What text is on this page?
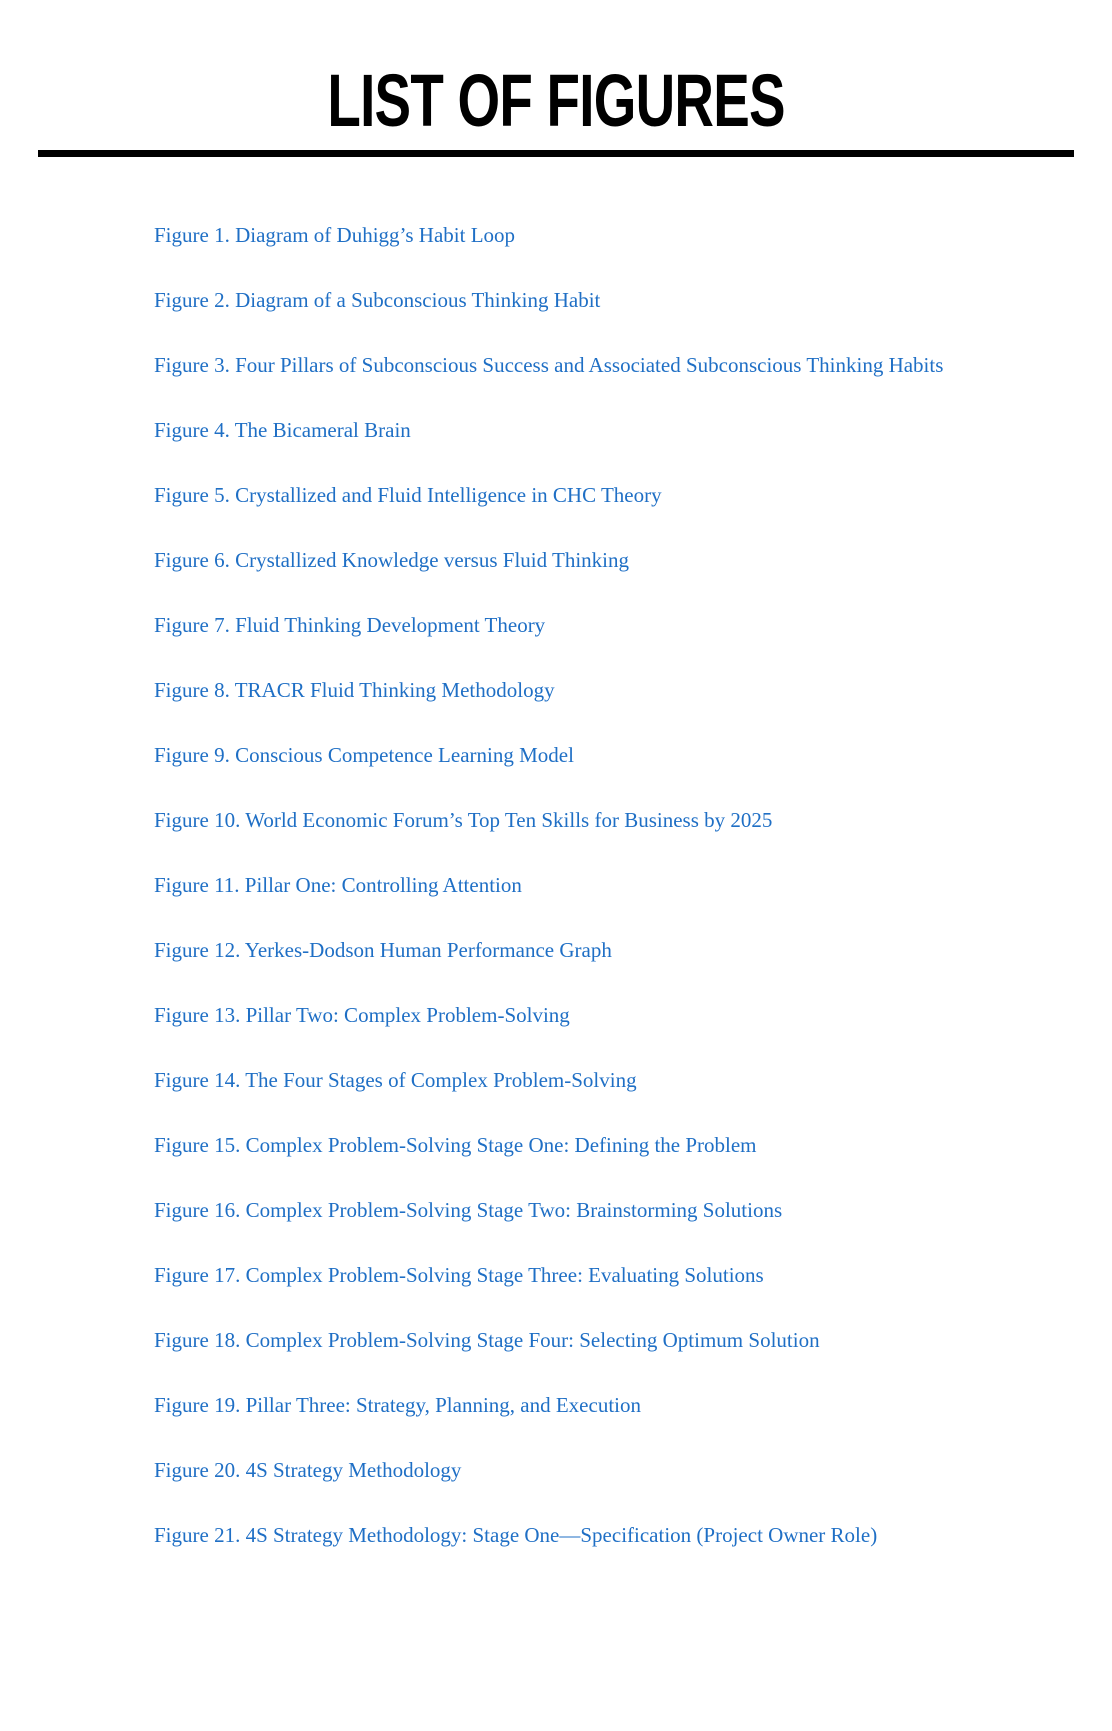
LIST OF FIGURES
Figure 1. Diagram of Duhigg’s Habit Loop
Figure 2. Diagram of a Subconscious Thinking Habit
Figure 3. Four Pillars of Subconscious Success and Associated Subconscious Thinking Habits
Figure 4. The Bicameral Brain
Figure 5. Crystallized and Fluid Intelligence in CHC Theory
Figure 6. Crystallized Knowledge versus Fluid Thinking
Figure 7. Fluid Thinking Development Theory
Figure 8. TRACR Fluid Thinking Methodology
Figure 9. Conscious Competence Learning Model
Figure 10. World Economic Forum’s Top Ten Skills for Business by 2025
Figure 11. Pillar One: Controlling Attention
Figure 12. Yerkes-Dodson Human Performance Graph
Figure 13. Pillar Two: Complex Problem-Solving
Figure 14. The Four Stages of Complex Problem-Solving
Figure 15. Complex Problem-Solving Stage One: Defining the Problem
Figure 16. Complex Problem-Solving Stage Two: Brainstorming Solutions
Figure 17. Complex Problem-Solving Stage Three: Evaluating Solutions
Figure 18. Complex Problem-Solving Stage Four: Selecting Optimum Solution
Figure 19. Pillar Three: Strategy, Planning, and Execution
Figure 20. 4S Strategy Methodology
Figure 21. 4S Strategy Methodology: Stage One—Specification (Project Owner Role)
